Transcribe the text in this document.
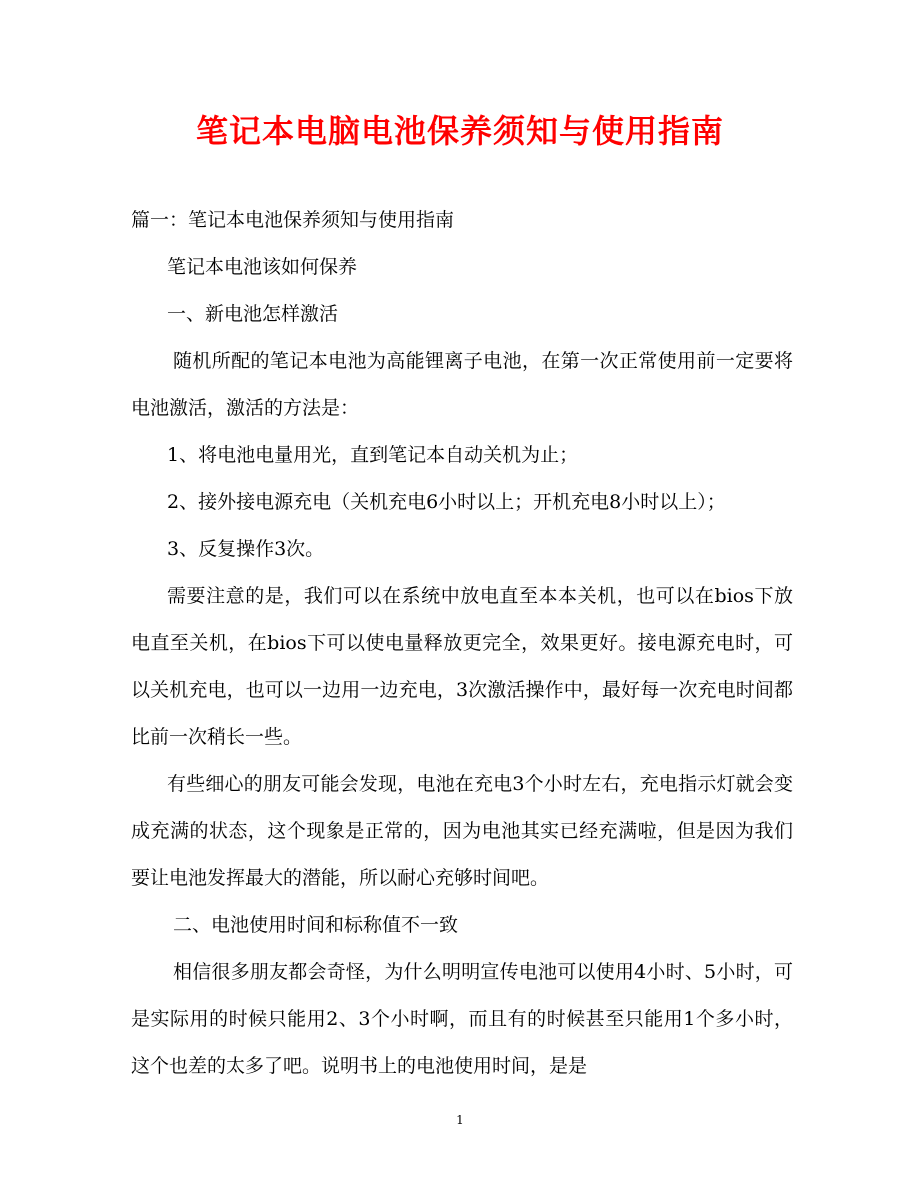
笔记本电脑电池保养须知与使用指南

篇一：笔记本电池保养须知与使用指南

笔记本电池该如何保养

一、新电池怎样激活

随机所配的笔记本电池为高能锂离子电池，在第一次正常使用前一定要将电池激活，激活的方法是：

1、将电池电量用光，直到笔记本自动关机为止；

2、接外接电源充电（关机充电6小时以上；开机充电8小时以上）；

3、反复操作3次。

需要注意的是，我们可以在系统中放电直至本本关机，也可以在bios下放电直至关机，在bios下可以使电量释放更完全，效果更好。接电源充电时，可以关机充电，也可以一边用一边充电，3次激活操作中，最好每一次充电时间都比前一次稍长一些。

有些细心的朋友可能会发现，电池在充电3个小时左右，充电指示灯就会变成充满的状态，这个现象是正常的，因为电池其实已经充满啦，但是因为我们要让电池发挥最大的潜能，所以耐心充够时间吧。

二、电池使用时间和标称值不一致

相信很多朋友都会奇怪，为什么明明宣传电池可以使用4小时、5小时，可是实际用的时候只能用2、3个小时啊，而且有的时候甚至只能用1个多小时，这个也差的太多了吧。说明书上的电池使用时间，是是

1
